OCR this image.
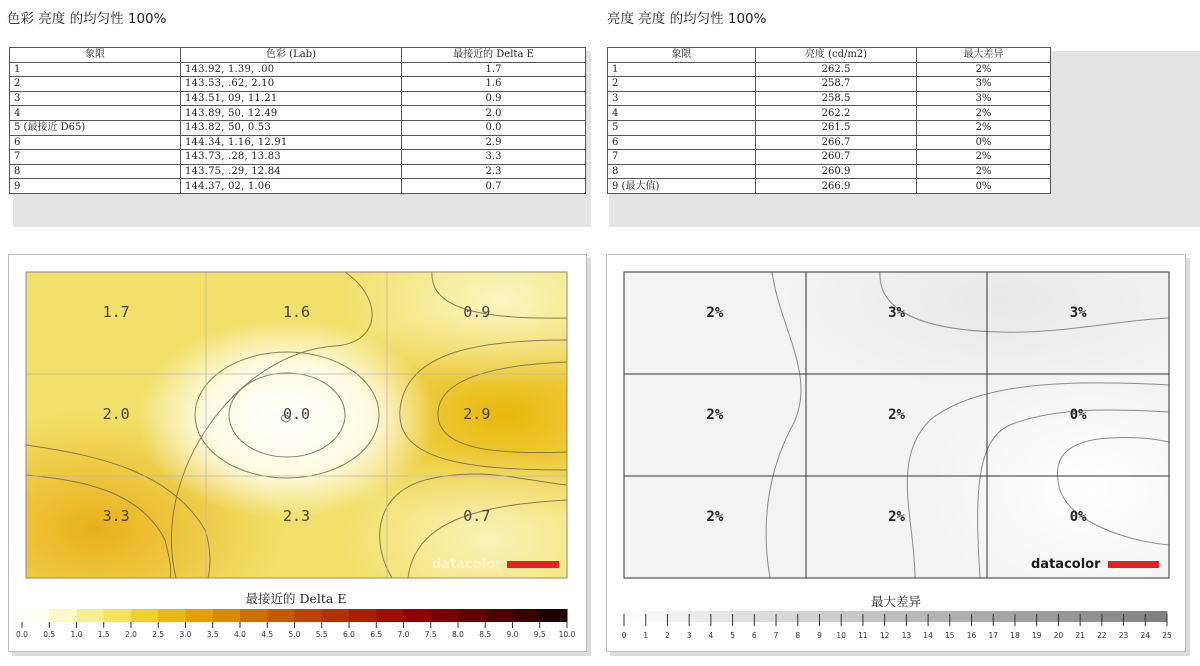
色彩 亮度 的均匀性 100%	亮度 亮度 的均匀性 100%
象限	色彩 (Lab)	最接近的 Delta E
1	143.92, 1.39, .00	1.7
2	143.53, .62, 2.10	1.6
3	143.51, 09, 11.21	0.9
4	143.89, 50, 12.49	2.0
5 (最接近 D65)	143.82, 50, 0.53	0.0
6	144.34, 1.16, 12.91	2.9
7	143.73, .28, 13.83	3.3
8	143.75, .29, 12.84	2.3
9	144.37, 02, 1.06	0.7
象限	亮度 (cd/m2)	最大差异
1	262.5	2%
2	258.7	3%
3	258.5	3%
4	262.2	2%
5	261.5	2%
6	266.7	0%
7	260.7	2%
8	260.9	2%
9 (最大值)	266.9	0%
1.7	1.6	0.9
2.0	0.0	2.9
3.3	2.3	0.7
datacolor
最接近的 Delta E
0.0 0.5 1.0 1.5 2.0 2.5 3.0 3.5 4.0 4.5 5.0 5.5 6.0 6.5 7.0 7.5 8.0 8.5 9.0 9.5 10.0
2%	3%	3%
2%	2%	0%
2%	2%	0%
datacolor
最大差异
0 1 2 3 4 5 6 7 8 9 10 11 12 13 14 15 16 17 18 19 20 21 22 23 24 25
